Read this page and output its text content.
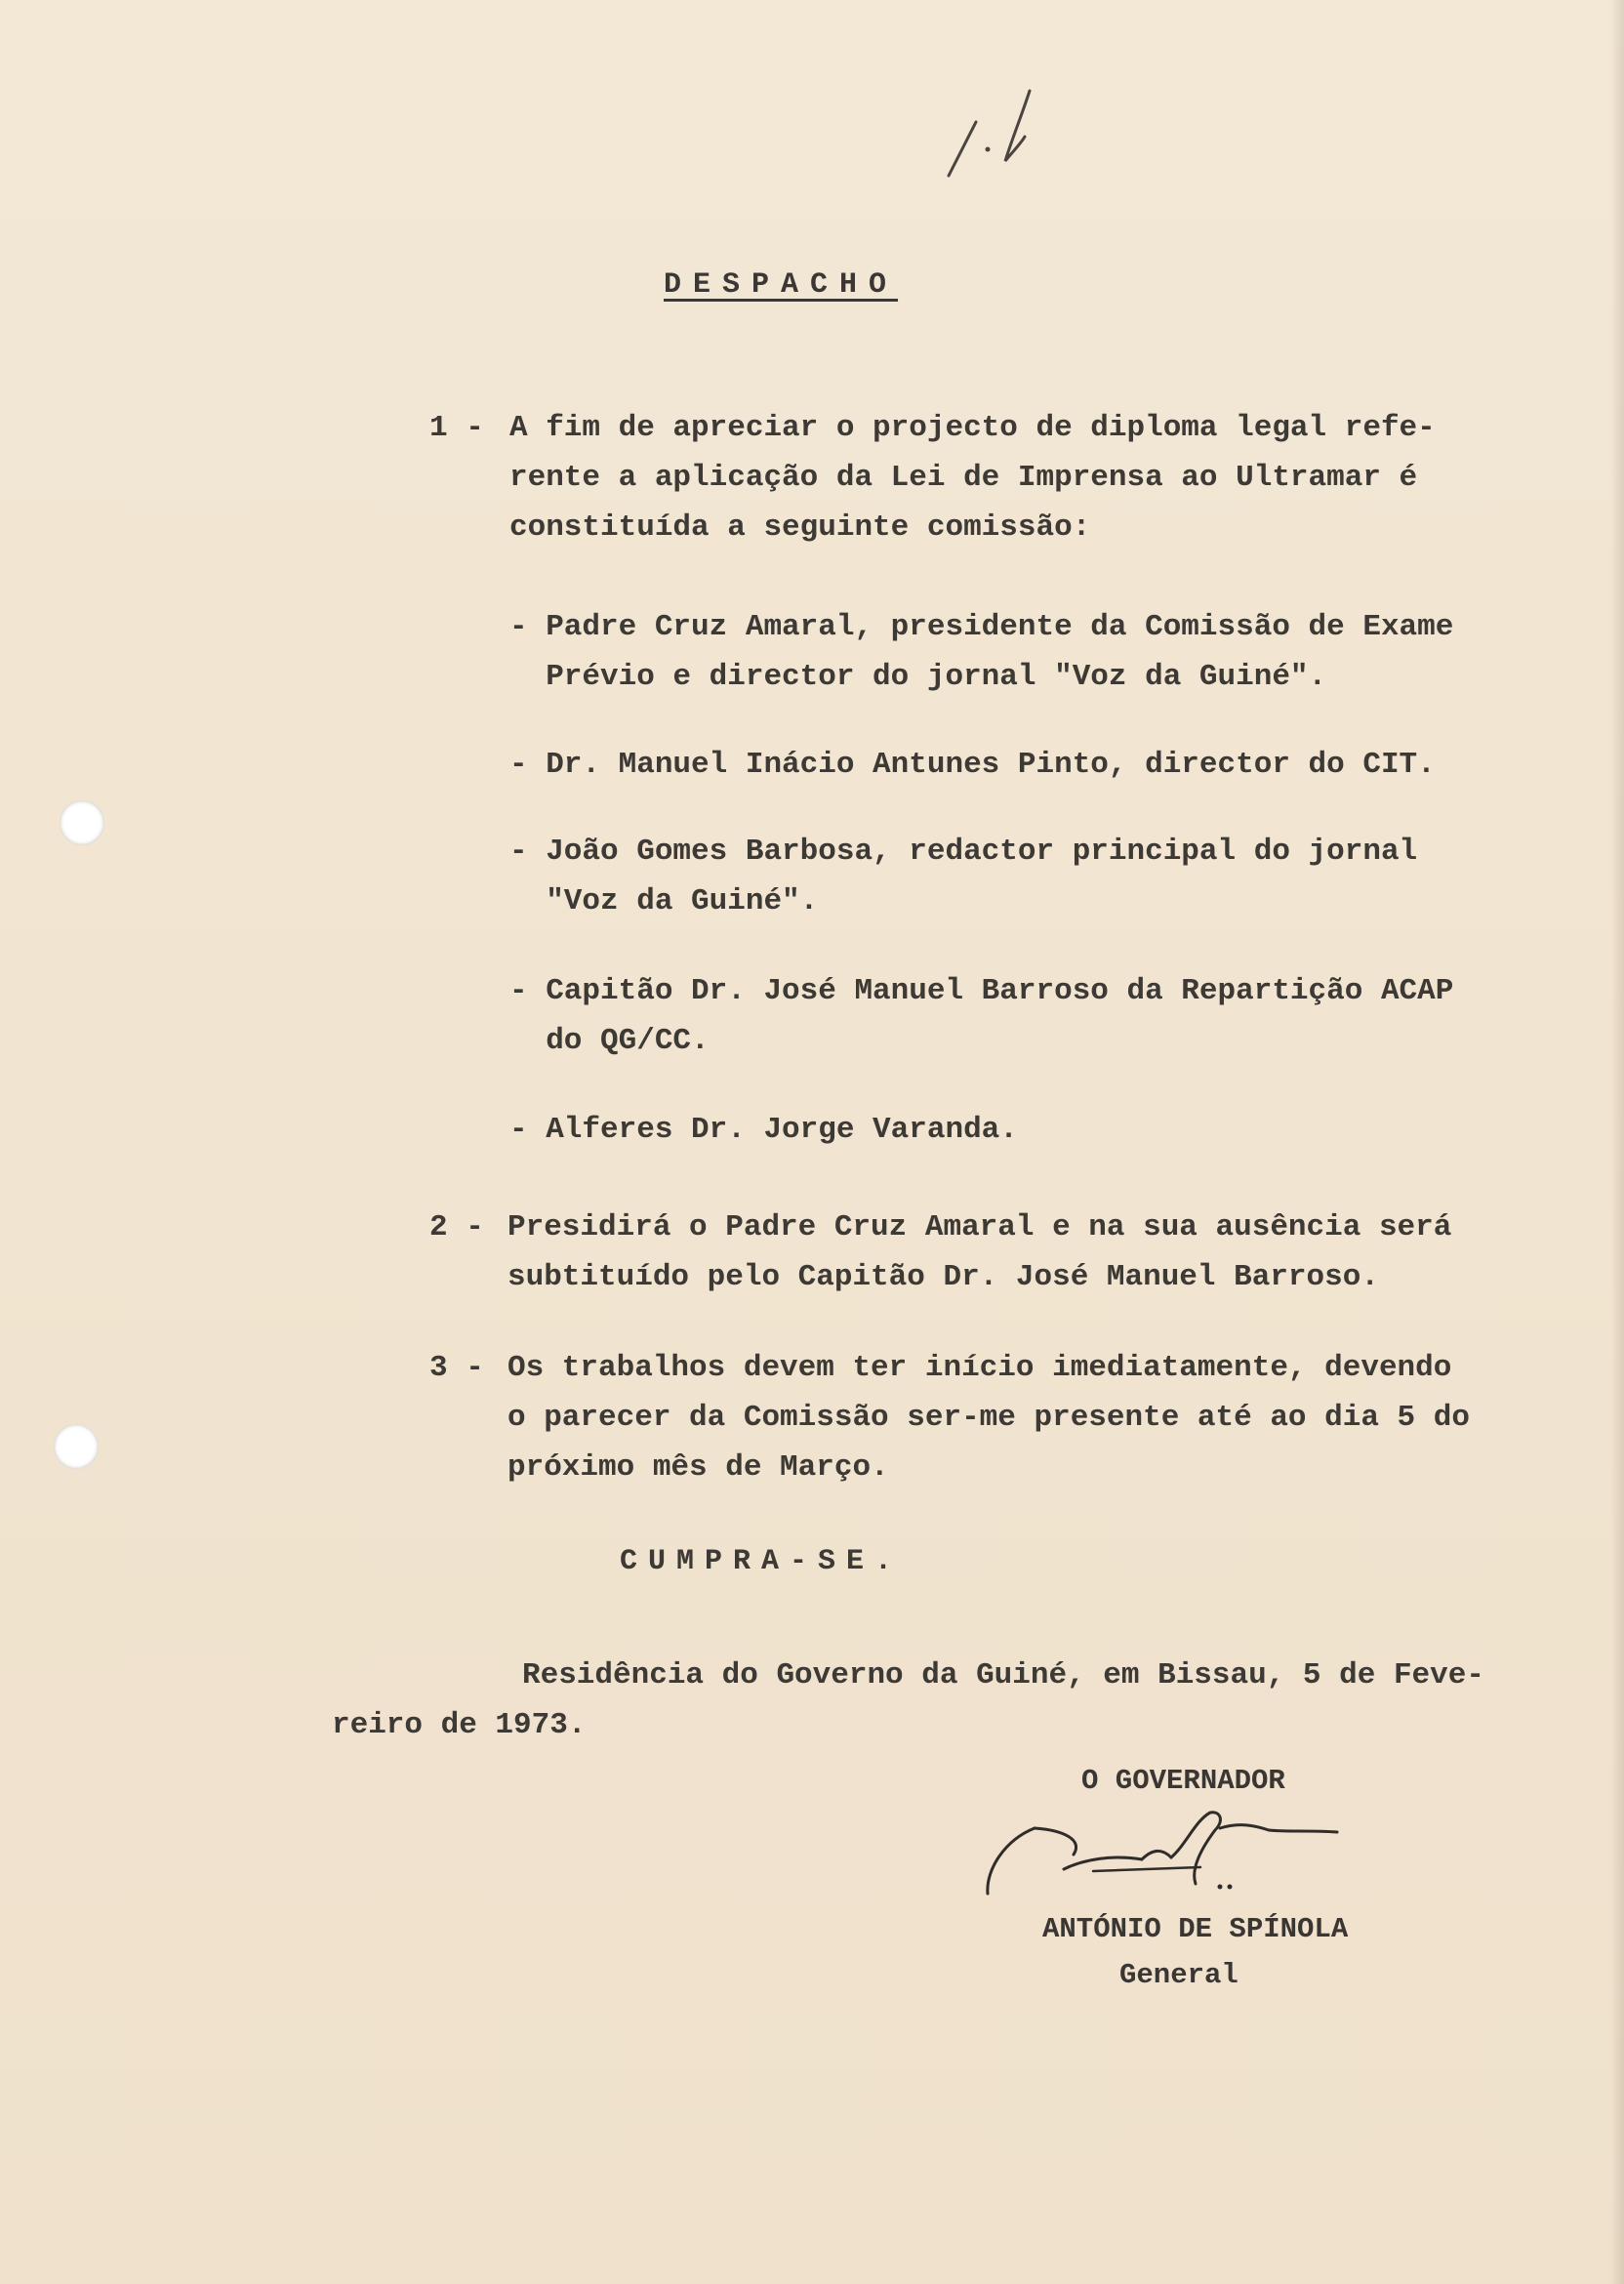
DESPACHO
1 - A fim de apreciar o projecto de diploma legal refe-
rente a aplicação da Lei de Imprensa ao Ultramar é
constituída a seguinte comissão:
- Padre Cruz Amaral, presidente da Comissão de Exame
Prévio e director do jornal "Voz da Guiné".
- Dr. Manuel Inácio Antunes Pinto, director do CIT.
- João Gomes Barbosa, redactor principal do jornal
"Voz da Guiné".
- Capitão Dr. José Manuel Barroso da Repartição ACAP
do QG/CC.
- Alferes Dr. Jorge Varanda.
2 - Presidirá o Padre Cruz Amaral e na sua ausência será
subtituído pelo Capitão Dr. José Manuel Barroso.
3 - Os trabalhos devem ter início imediatamente, devendo
o parecer da Comissão ser-me presente até ao dia 5 do
próximo mês de Março.
CUMPRA-SE.
Residência do Governo da Guiné, em Bissau, 5 de Feve-
reiro de 1973.
O GOVERNADOR
ANTÓNIO DE SPÍNOLA
General
